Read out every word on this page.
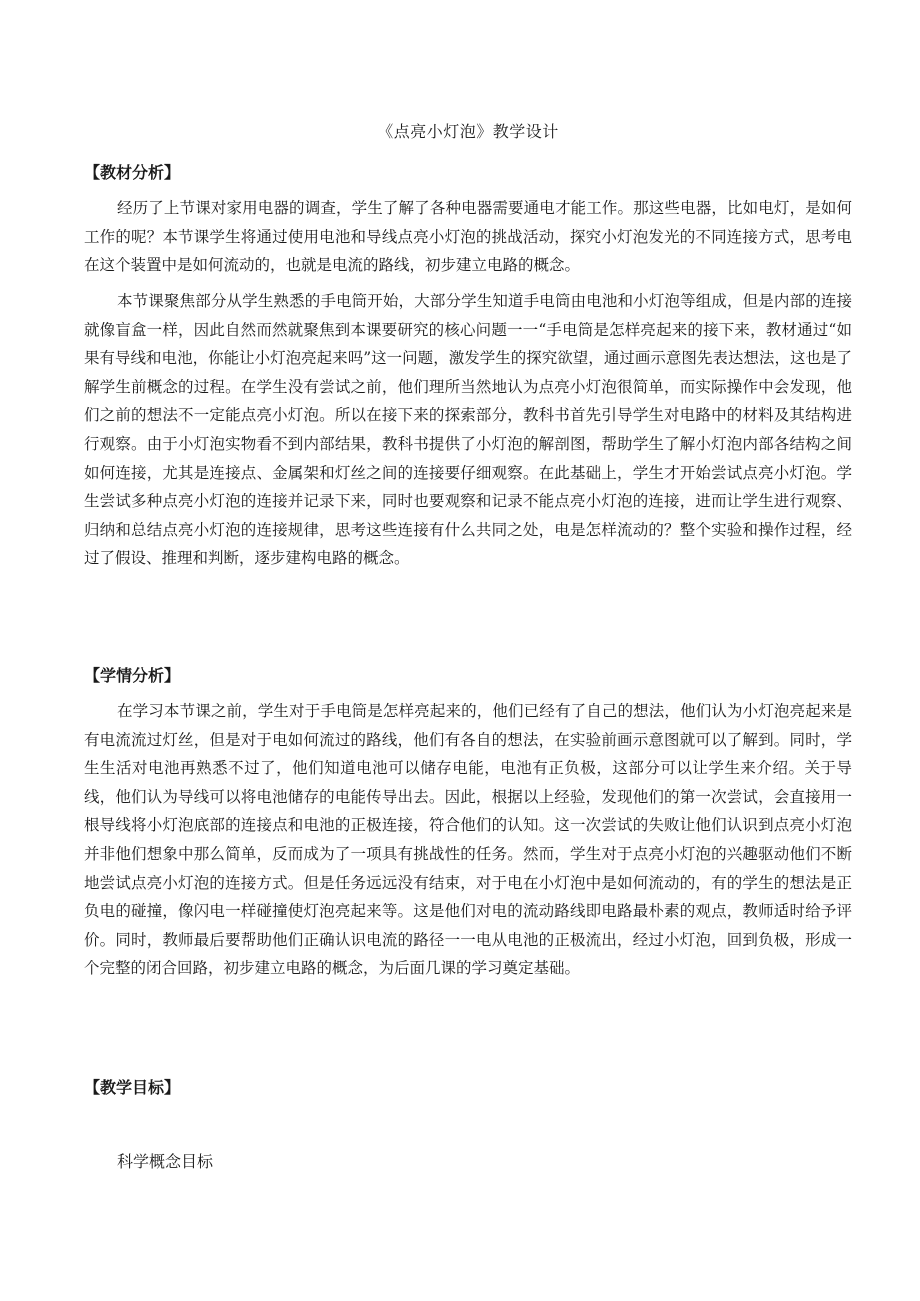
《点亮小灯泡》教学设计
【教材分析】

经历了上节课对家用电器的调查，学生了解了各种电器需要通电才能工作。那这些电器，比如电灯，是如何工作的呢？本节课学生将通过使用电池和导线点亮小灯泡的挑战活动，探究小灯泡发光的不同连接方式，思考电在这个装置中是如何流动的，也就是电流的路线，初步建立电路的概念。

本节课聚焦部分从学生熟悉的手电筒开始，大部分学生知道手电筒由电池和小灯泡等组成，但是内部的连接就像盲盒一样，因此自然而然就聚焦到本课要研究的核心问题一一“手电筒是怎样亮起来的接下来，教材通过“如果有导线和电池，你能让小灯泡亮起来吗”这一问题，激发学生的探究欲望，通过画示意图先表达想法，这也是了解学生前概念的过程。在学生没有尝试之前，他们理所当然地认为点亮小灯泡很简单，而实际操作中会发现，他们之前的想法不一定能点亮小灯泡。所以在接下来的探索部分，教科书首先引导学生对电路中的材料及其结构进行观察。由于小灯泡实物看不到内部结果，教科书提供了小灯泡的解剖图，帮助学生了解小灯泡内部各结构之间如何连接，尤其是连接点、金属架和灯丝之间的连接要仔细观察。在此基础上，学生才开始尝试点亮小灯泡。学生尝试多种点亮小灯泡的连接并记录下来，同时也要观察和记录不能点亮小灯泡的连接，进而让学生进行观察、归纳和总结点亮小灯泡的连接规律，思考这些连接有什么共同之处，电是怎样流动的？整个实验和操作过程，经过了假设、推理和判断，逐步建构电路的概念。

【学情分析】

在学习本节课之前，学生对于手电筒是怎样亮起来的，他们已经有了自己的想法，他们认为小灯泡亮起来是有电流流过灯丝，但是对于电如何流过的路线，他们有各自的想法，在实验前画示意图就可以了解到。同时，学生生活对电池再熟悉不过了，他们知道电池可以储存电能，电池有正负极，这部分可以让学生来介绍。关于导线，他们认为导线可以将电池储存的电能传导出去。因此，根据以上经验，发现他们的第一次尝试，会直接用一根导线将小灯泡底部的连接点和电池的正极连接，符合他们的认知。这一次尝试的失败让他们认识到点亮小灯泡并非他们想象中那么简单，反而成为了一项具有挑战性的任务。然而，学生对于点亮小灯泡的兴趣驱动他们不断地尝试点亮小灯泡的连接方式。但是任务远远没有结束，对于电在小灯泡中是如何流动的，有的学生的想法是正负电的碰撞，像闪电一样碰撞使灯泡亮起来等。这是他们对电的流动路线即电路最朴素的观点，教师适时给予评价。同时，教师最后要帮助他们正确认识电流的路径一一电从电池的正极流出，经过小灯泡，回到负极，形成一个完整的闭合回路，初步建立电路的概念，为后面几课的学习奠定基础。

【教学目标】
科学概念目标
